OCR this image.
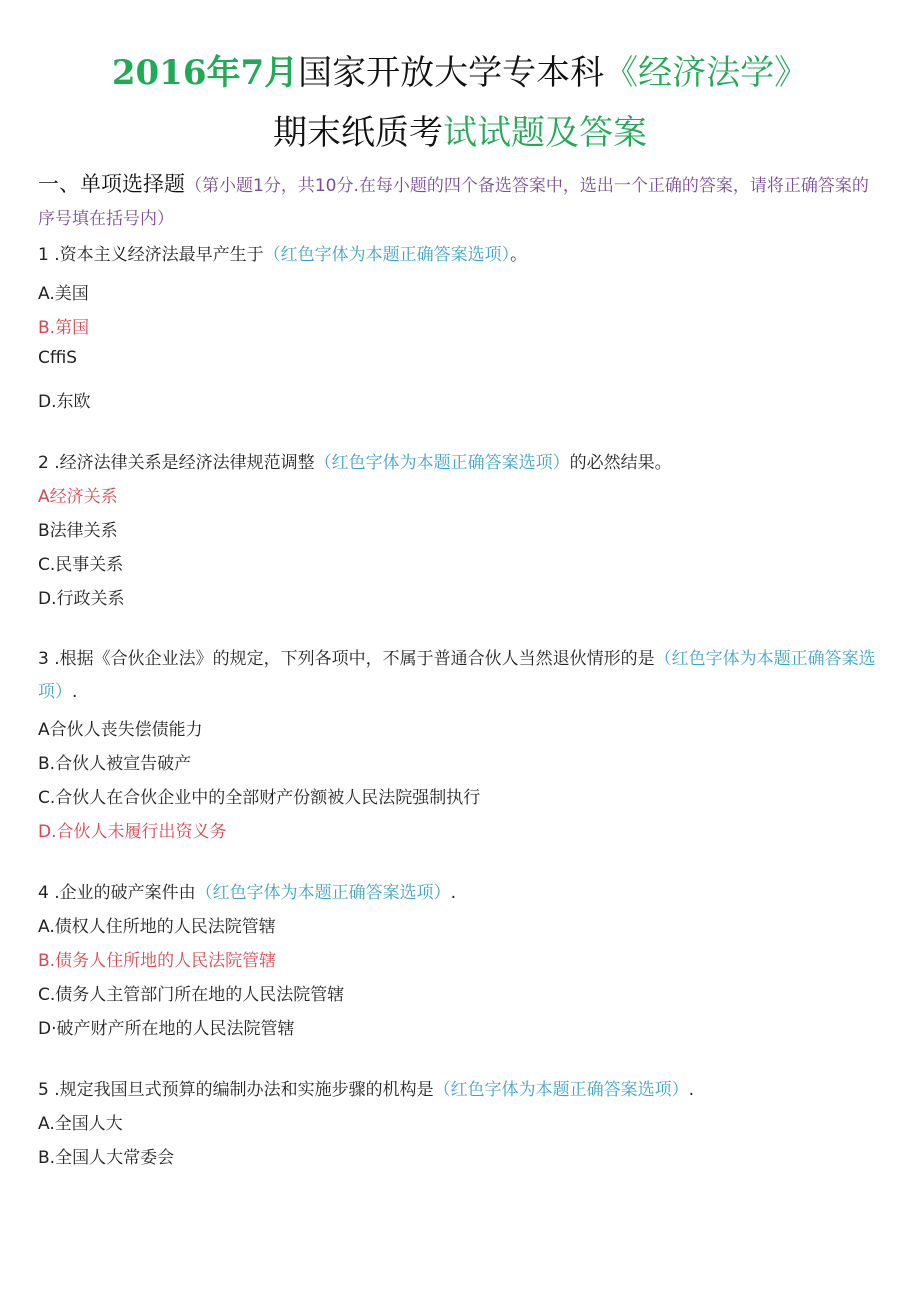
2016年7月国家开放大学专本科《经济法学》
期末纸质考试试题及答案
一、单项选择题（第小题1分，共10分.在每小题的四个备选答案中，选出一个正确的答案，请将正确答案的序号填在括号内）
1 .资本主义经济法最早产生于（红色字体为本题正确答案选项）。
A.美国
B.第国
CffiS
D.东欧
2 .经济法律关系是经济法律规范调整（红色字体为本题正确答案选项）的必然结果。
A经济关系
B法律关系
C.民事关系
D.行政关系
3 .根据《合伙企业法》的规定，下列各项中，不属于普通合伙人当然退伙情形的是（红色字体为本题正确答案选项）.
A合伙人丧失偿债能力
B.合伙人被宣告破产
C.合伙人在合伙企业中的全部财产份额被人民法院强制执行
D.合伙人未履行出资义务
4 .企业的破产案件由（红色字体为本题正确答案选项）.
A.债权人住所地的人民法院管辖
B.债务人住所地的人民法院管辖
C.债务人主管部门所在地的人民法院管辖
D·破产财产所在地的人民法院管辖
5 .规定我国旦式预算的编制办法和实施步骤的机构是（红色字体为本题正确答案选项）.
A.全国人大
B.全国人大常委会
